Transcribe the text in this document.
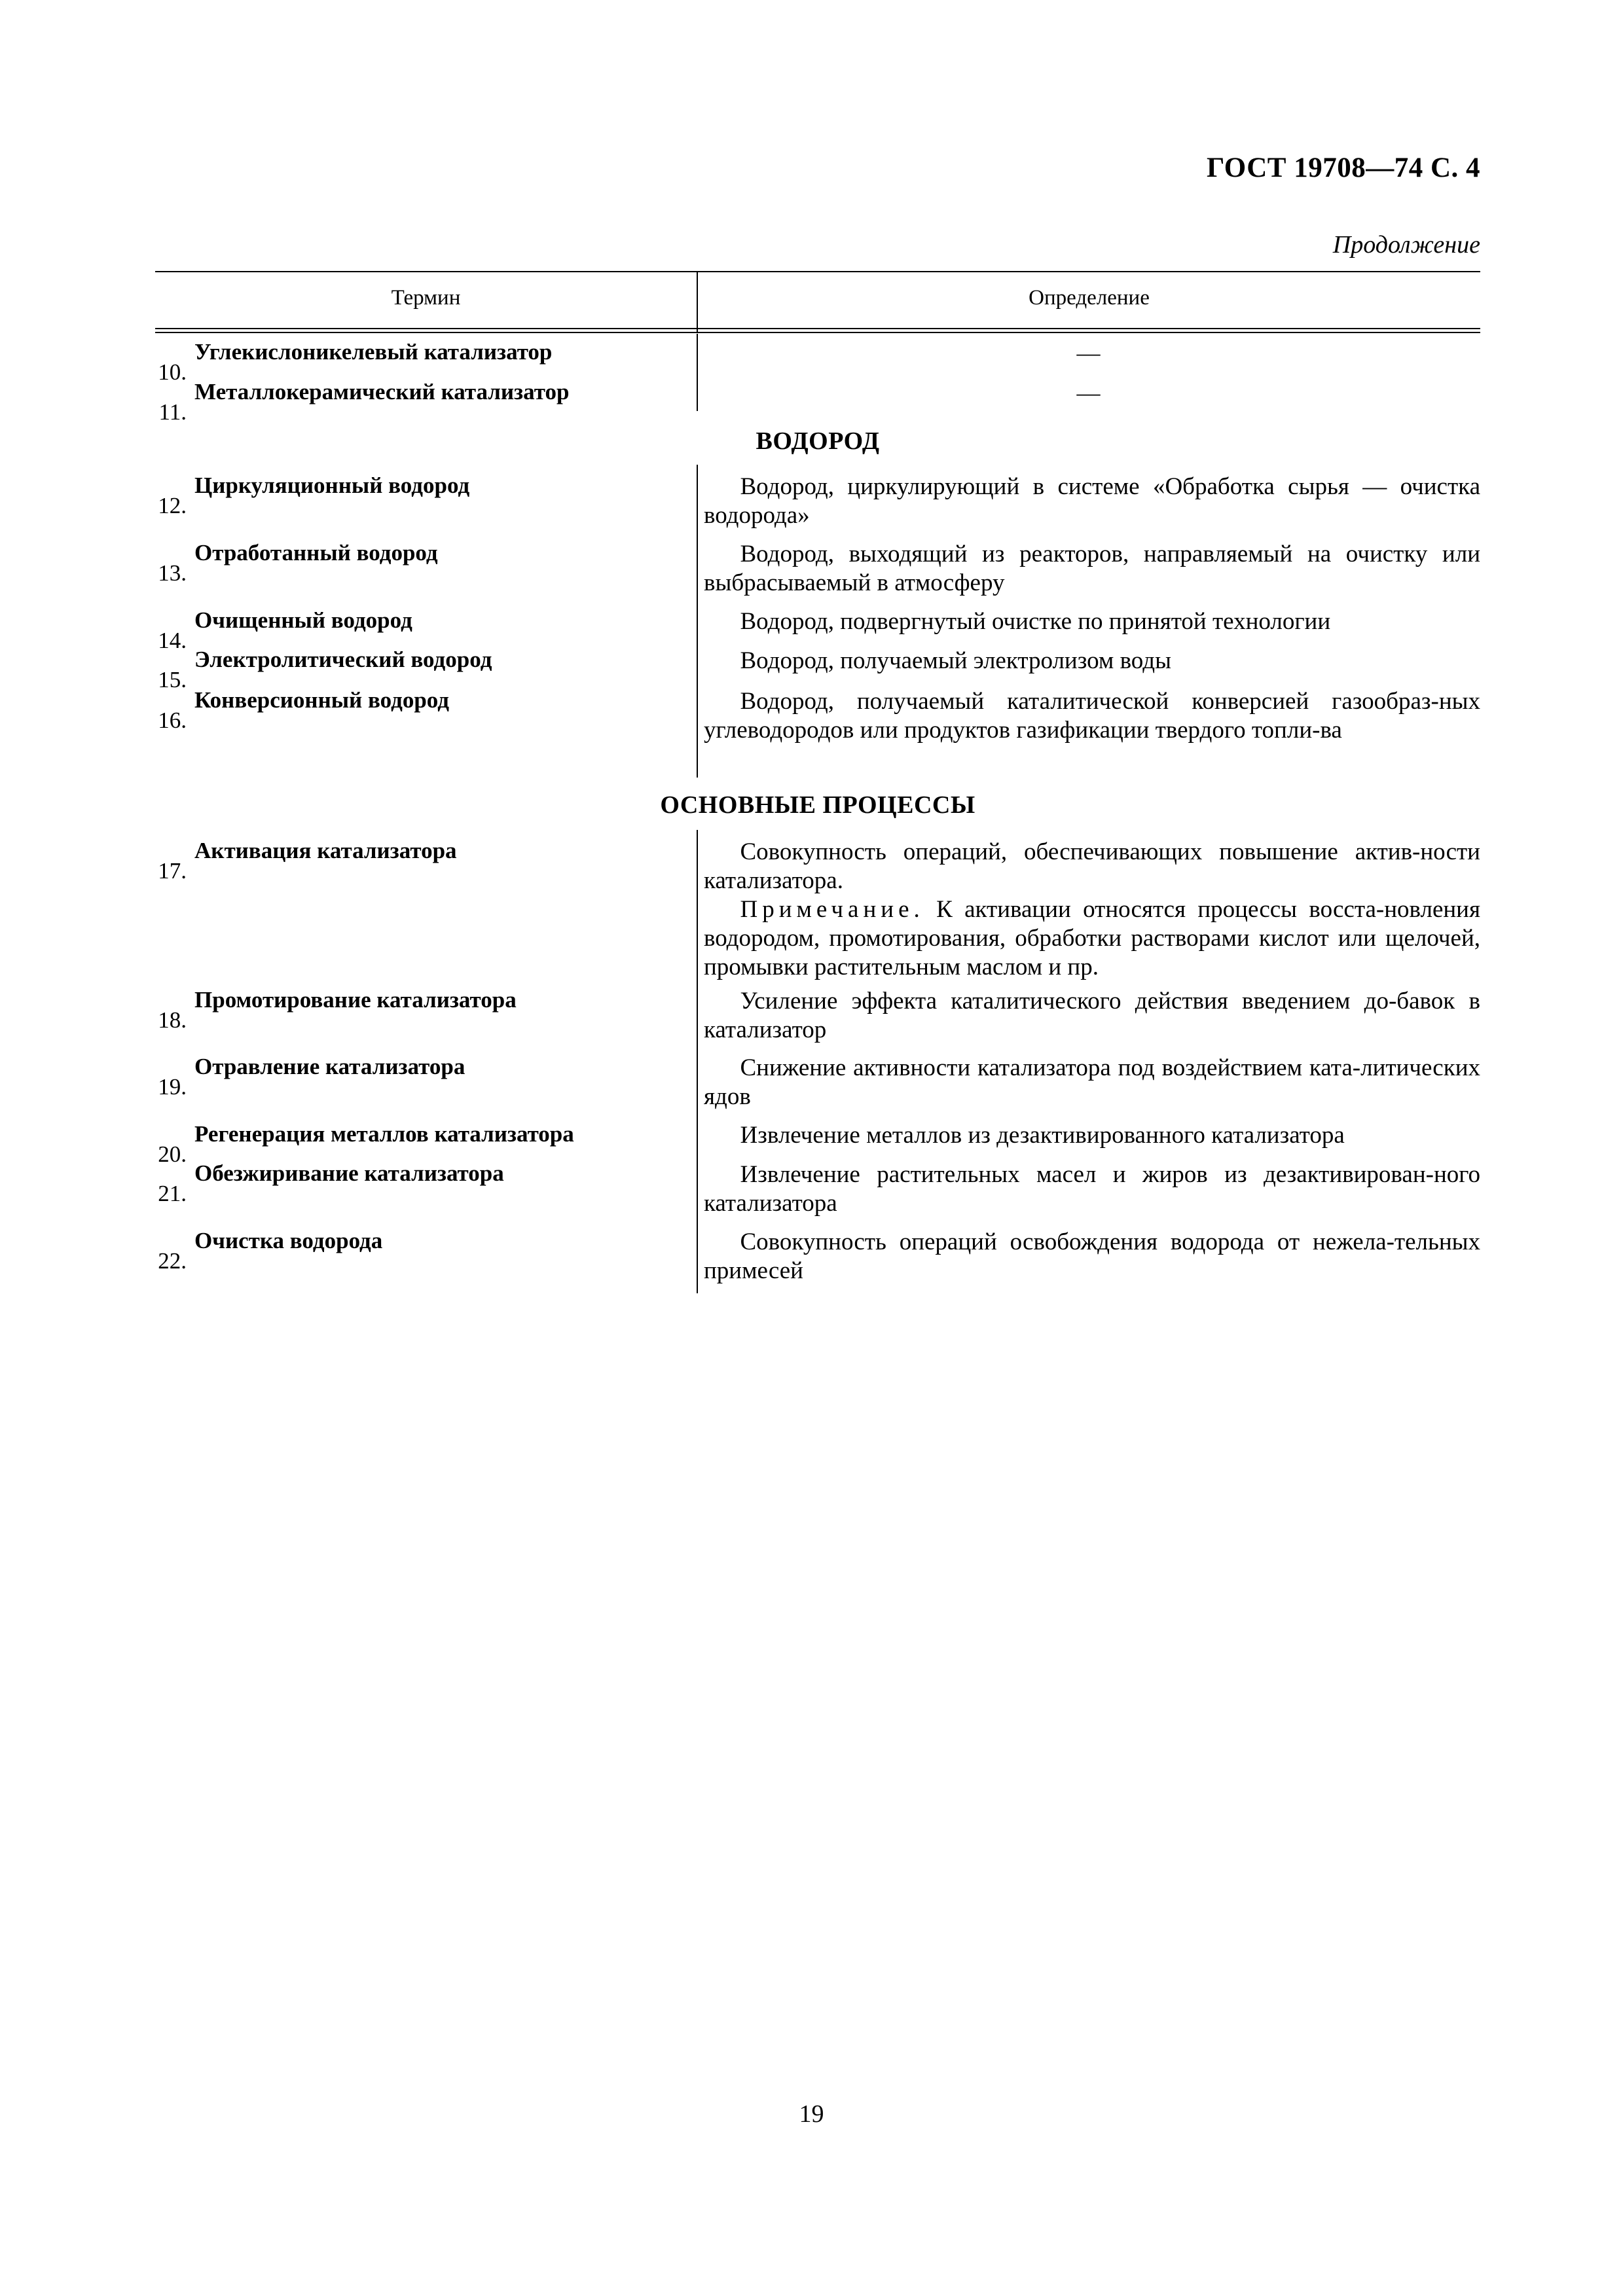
ГОСТ 19708—74 С. 4
Продолжение
Термин	Определение
10.
Углекислоникелевый катализатор	—
11.
Металлокерамический катализатор	—
ВОДОРОД
12.
Циркуляционный водород	Водород, циркулирующий в системе «Обработка сырья — очистка водорода»

13.
Отработанный водород	Водород, выходящий из реакторов, направляемый на очистку или выбрасываемый в атмосферу

14.
Очищенный водород	Водород, подвергнутый очистке по принятой технологии

15.
Электролитический водород	Водород, получаемый электролизом воды

16.
Конверсионный водород	Водород, получаемый каталитической конверсией газообраз-ных углеводородов или продуктов газификации твердого топли-ва

ОСНОВНЫЕ ПРОЦЕССЫ
17.
Активация катализатора	Совокупность операций, обеспечивающих повышение актив-ности катализатора.

Примечание. К активации относятся процессы восста-новления водородом, промотирования, обработки растворами кислот или щелочей, промывки растительным маслом и пр.

18.
Промотирование катализатора	Усиление эффекта каталитического действия введением до-бавок в катализатор

19.
Отравление катализатора	Снижение активности катализатора под воздействием ката-литических ядов

20.
Регенерация металлов катализатора	Извлечение металлов из дезактивированного катализатора

21.
Обезжиривание катализатора	Извлечение растительных масел и жиров из дезактивирован-ного катализатора

22.
Очистка водорода	Совокупность операций освобождения водорода от нежела-тельных примесей

19
